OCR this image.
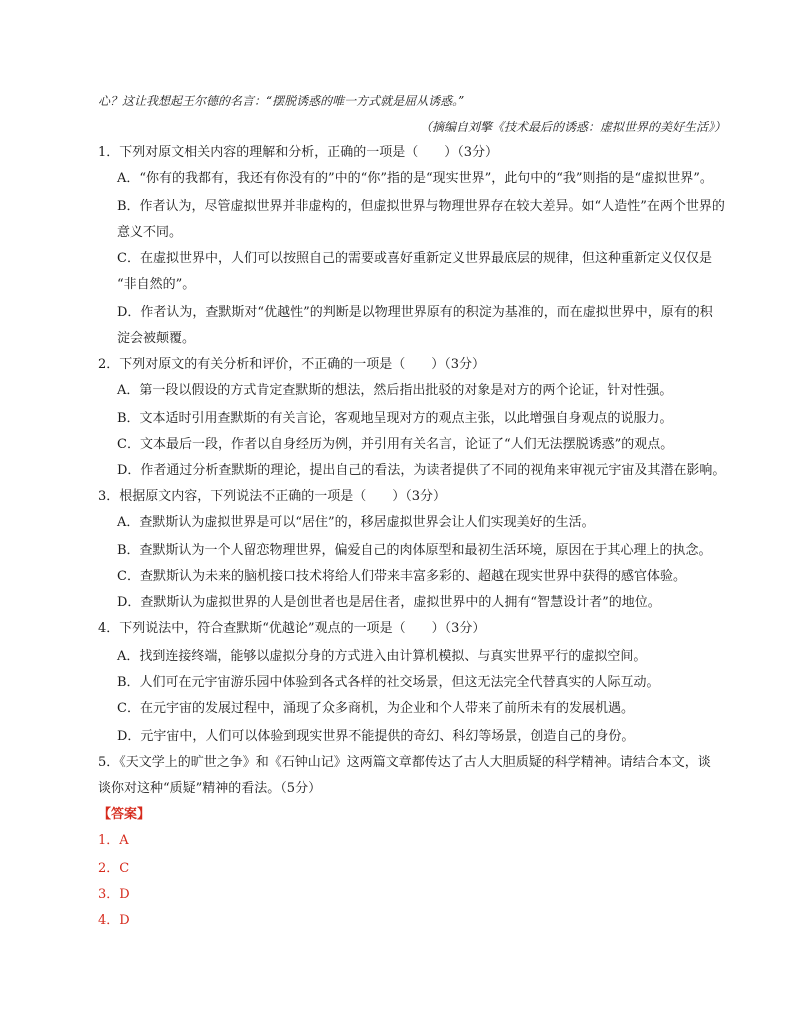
心？这让我想起王尔德的名言：“摆脱诱惑的唯一方式就是屈从诱惑。”
（摘编自刘擎《技术最后的诱惑：虚拟世界的美好生活》）
1．下列对原文相关内容的理解和分析，正确的一项是（　　）（3分）
A．“你有的我都有，我还有你没有的”中的“你”指的是“现实世界”，此句中的“我”则指的是“虚拟世界”。
B．作者认为，尽管虚拟世界并非虚构的，但虚拟世界与物理世界存在较大差异。如“人造性”在两个世界的
意义不同。
C．在虚拟世界中，人们可以按照自己的需要或喜好重新定义世界最底层的规律，但这种重新定义仅仅是
“非自然的”。
D．作者认为，查默斯对“优越性”的判断是以物理世界原有的积淀为基准的，而在虚拟世界中，原有的积
淀会被颠覆。
2．下列对原文的有关分析和评价，不正确的一项是（　　）（3分）
A．第一段以假设的方式肯定查默斯的想法，然后指出批驳的对象是对方的两个论证，针对性强。
B．文本适时引用查默斯的有关言论，客观地呈现对方的观点主张，以此增强自身观点的说服力。
C．文本最后一段，作者以自身经历为例，并引用有关名言，论证了“人们无法摆脱诱惑”的观点。
D．作者通过分析查默斯的理论，提出自己的看法，为读者提供了不同的视角来审视元宇宙及其潜在影响。
3．根据原文内容，下列说法不正确的一项是（　　）（3分）
A．查默斯认为虚拟世界是可以“居住”的，移居虚拟世界会让人们实现美好的生活。
B．查默斯认为一个人留恋物理世界，偏爱自己的肉体原型和最初生活环境，原因在于其心理上的执念。
C．查默斯认为未来的脑机接口技术将给人们带来丰富多彩的、超越在现实世界中获得的感官体验。
D．查默斯认为虚拟世界的人是创世者也是居住者，虚拟世界中的人拥有“智慧设计者”的地位。
4．下列说法中，符合查默斯“优越论”观点的一项是（　　）（3分）
A．找到连接终端，能够以虚拟分身的方式进入由计算机模拟、与真实世界平行的虚拟空间。
B．人们可在元宇宙游乐园中体验到各式各样的社交场景，但这无法完全代替真实的人际互动。
C．在元宇宙的发展过程中，涌现了众多商机，为企业和个人带来了前所未有的发展机遇。
D．元宇宙中，人们可以体验到现实世界不能提供的奇幻、科幻等场景，创造自己的身份。
5．《天文学上的旷世之争》和《石钟山记》这两篇文章都传达了古人大胆质疑的科学精神。请结合本文，谈
谈你对这种“质疑”精神的看法。（5分）
【答案】
1．A
2．C
3．D
4．D
